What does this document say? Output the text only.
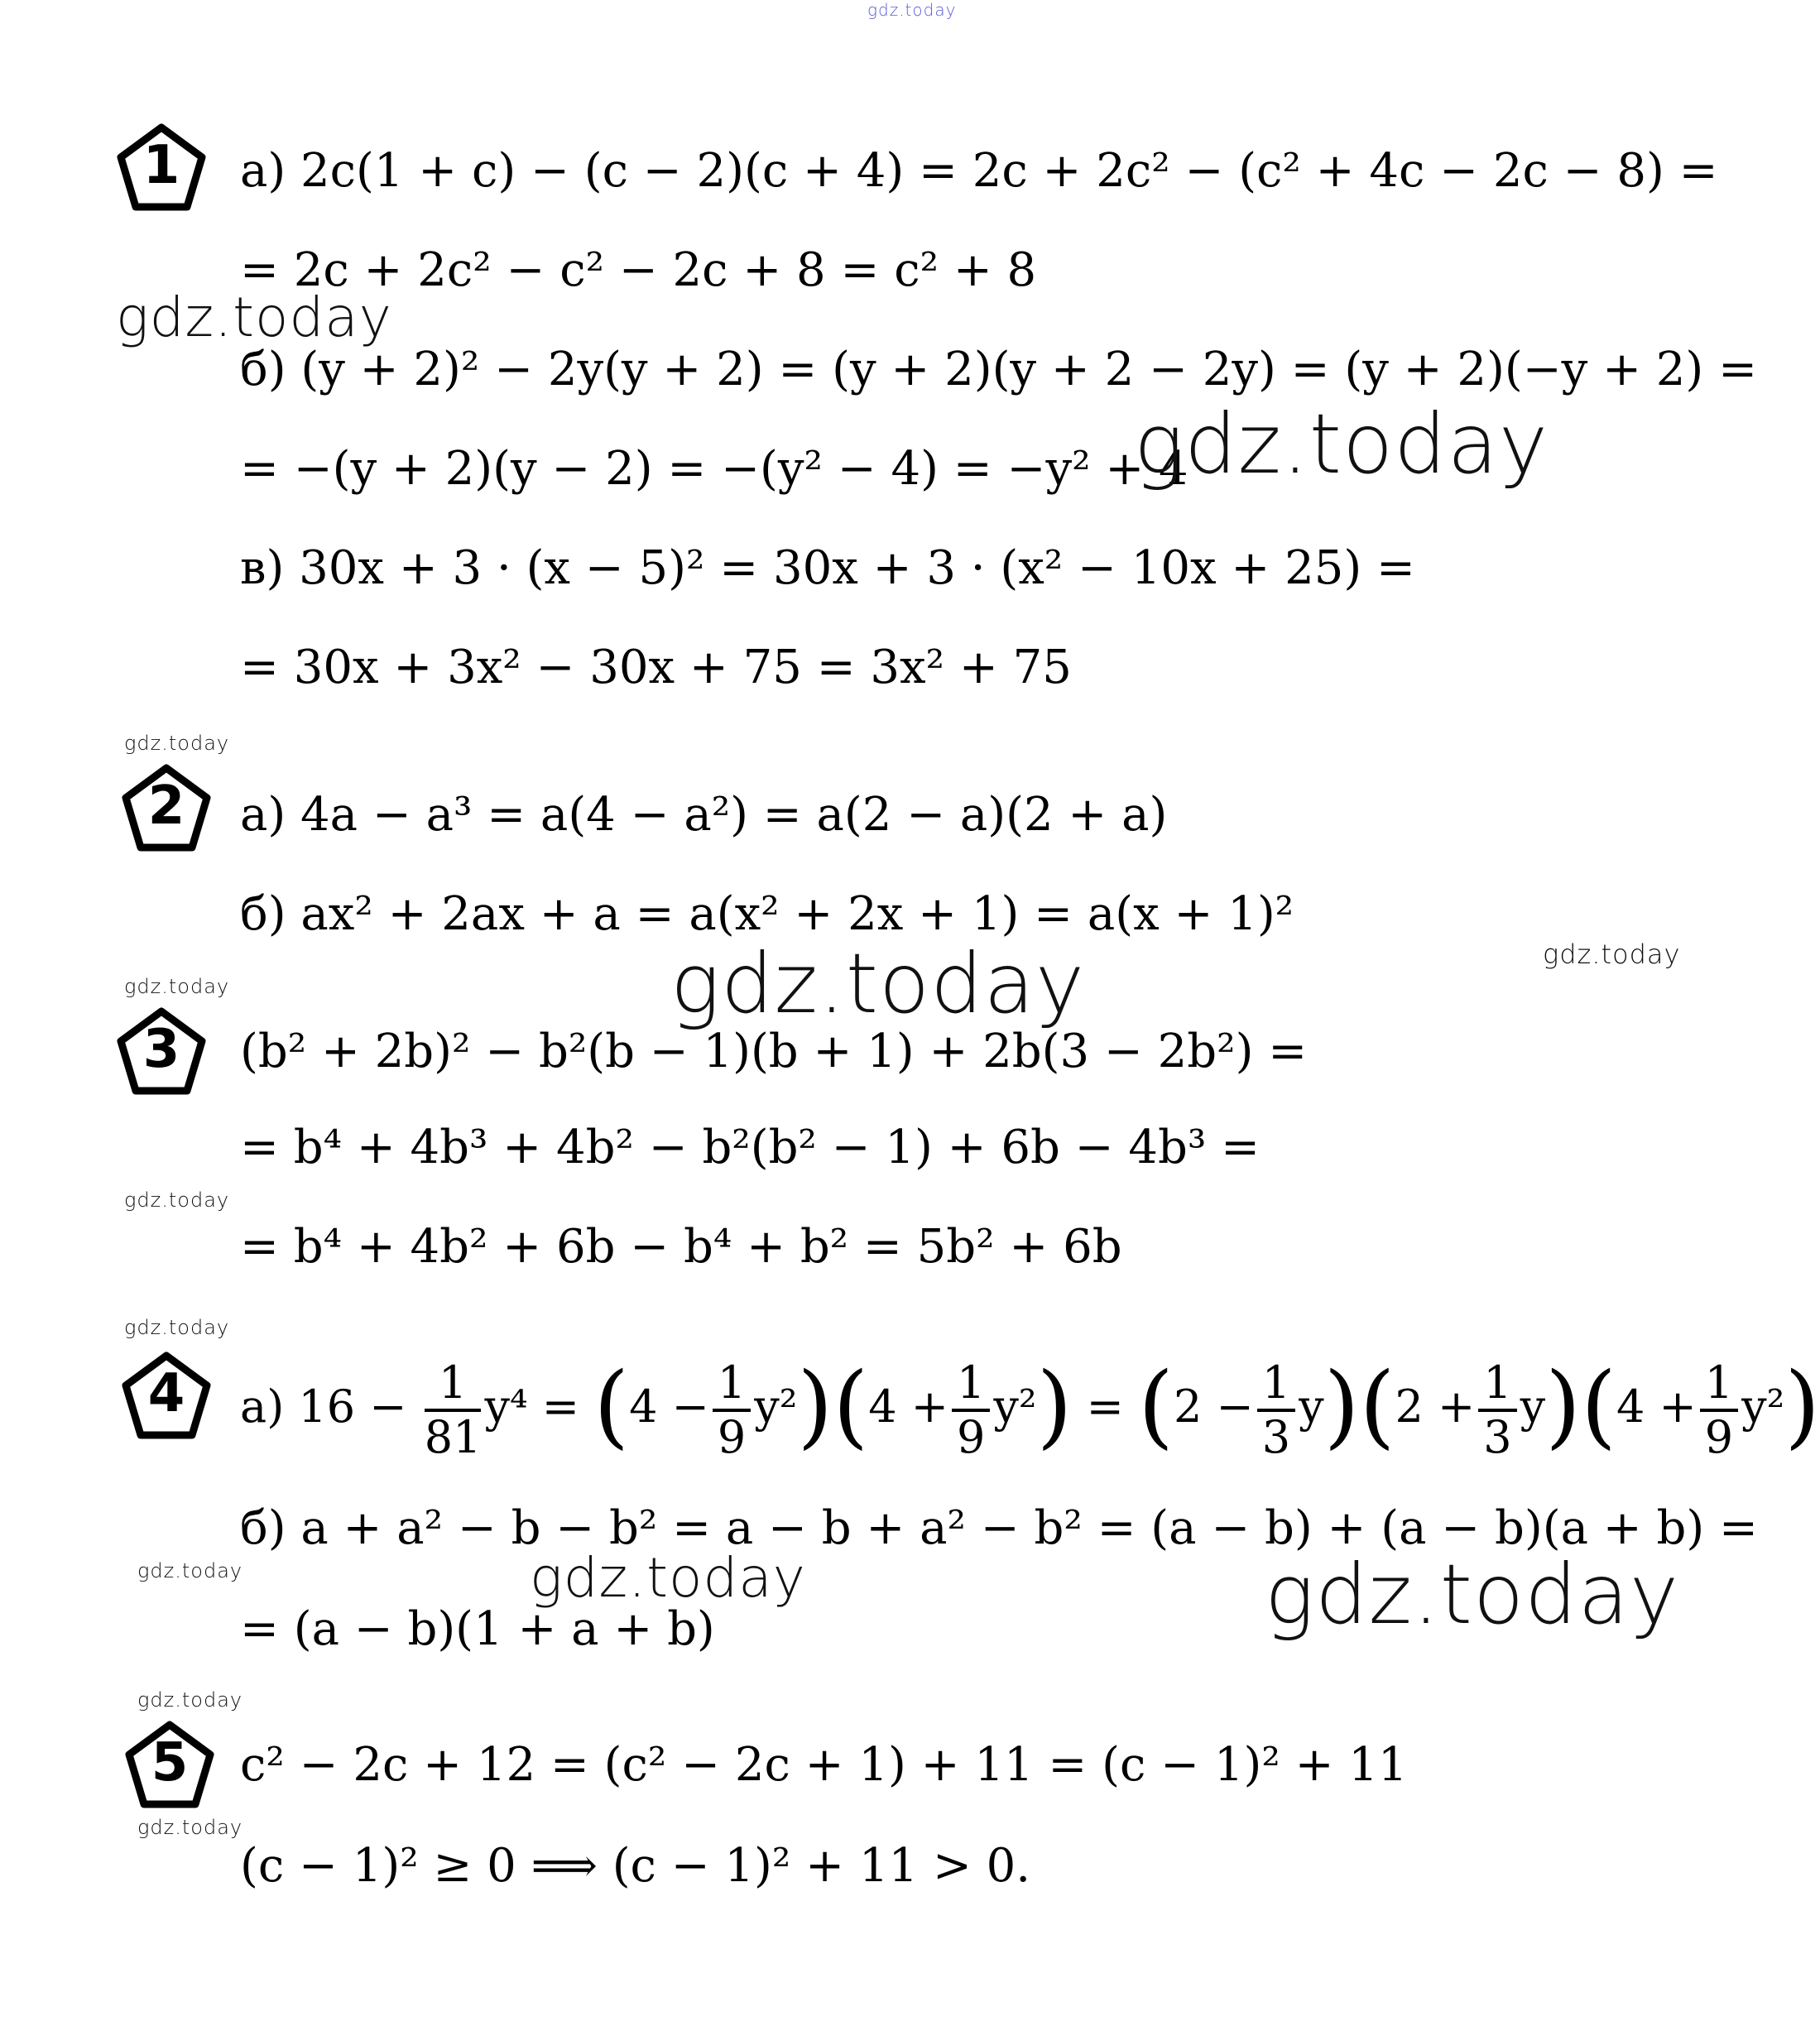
gdz.today
1	а) 2c(1 + c) − (c − 2)(c + 4) = 2c + 2c² − (c² + 4c − 2c − 8) =
= 2c + 2c² − c² − 2c + 8 = c² + 8
gdz.today
б) (y + 2)² − 2y(y + 2) = (y + 2)(y + 2 − 2y) = (y + 2)(−y + 2) =
= −(y + 2)(y − 2) = −(y² − 4) = −y² + 4
gdz.today
в) 30x + 3 · (x − 5)² = 30x + 3 · (x² − 10x + 25) =
= 30x + 3x² − 30x + 75 = 3x² + 75
gdz.today
2	а) 4a − a³ = a(4 − a²) = a(2 − a)(2 + a)
б) ax² + 2ax + a = a(x² + 2x + 1) = a(x + 1)²
gdz.today	gdz.today
gdz.today
3	(b² + 2b)² − b²(b − 1)(b + 1) + 2b(3 − 2b²) =
= b⁴ + 4b³ + 4b² − b²(b² − 1) + 6b − 4b³ =
gdz.today
= b⁴ + 4b² + 6b − b⁴ + b² = 5b² + 6b
gdz.today
4	а) $16 - \frac{1}{81} y^4 = (4 - \frac{1}{9} y^2)(4 + \frac{1}{9} y^2) = (2 - \frac{1}{3} y)(2 + \frac{1}{3} y)(4 + \frac{1}{9} y^2)$
б) a + a² − b − b² = a − b + a² − b² = (a − b) + (a − b)(a + b) =
gdz.today	gdz.today
gdz.today
= (a − b)(1 + a + b)
gdz.today
5	c² − 2c + 12 = (c² − 2c + 1) + 11 = (c − 1)² + 11
gdz.today
(c − 1)² ≥ 0 ⟹ (c − 1)² + 11 > 0.
